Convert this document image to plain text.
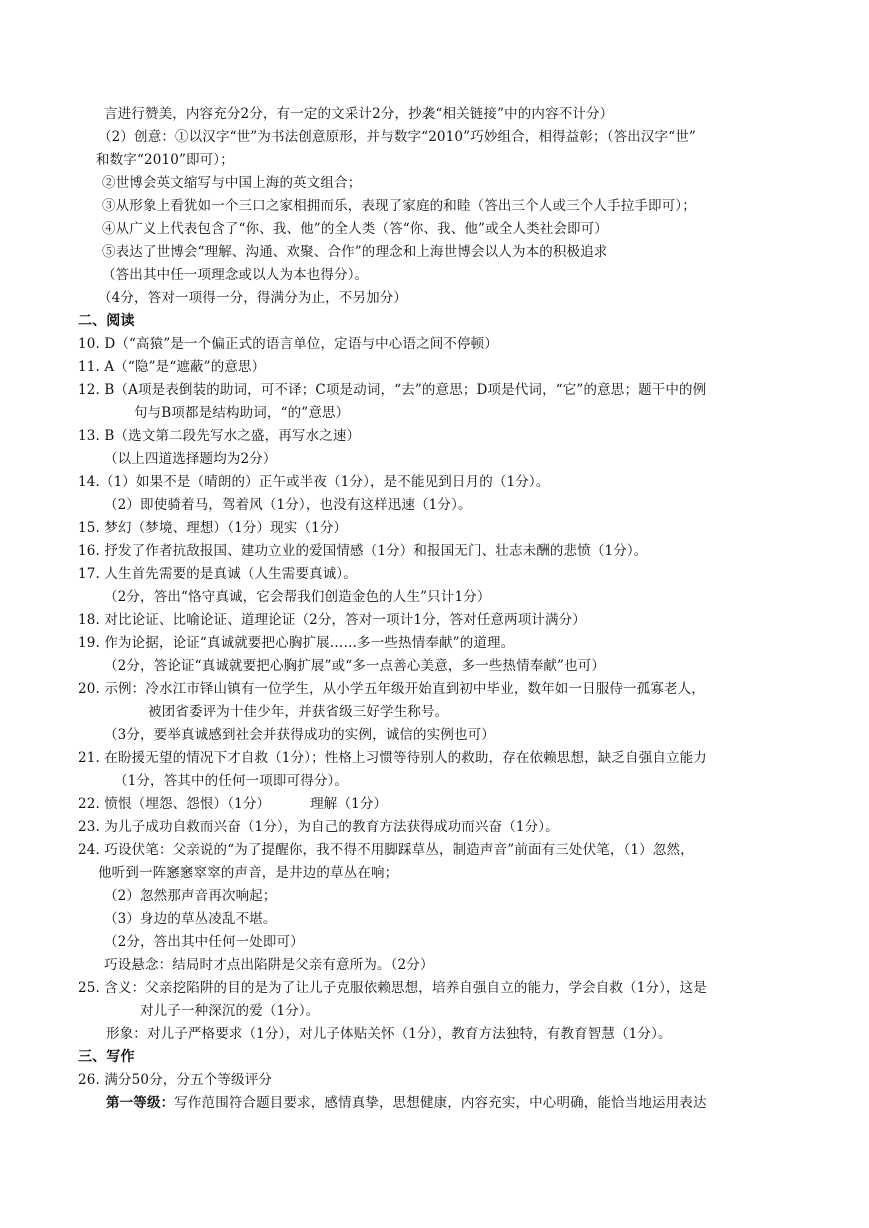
言进行赞美，内容充分2分，有一定的文采计2分，抄袭“相关链接”中的内容不计分）
（2）创意：①以汉字“世”为书法创意原形，并与数字“2010”巧妙组合，相得益彰；（答出汉字“世”
和数字“2010”即可）；
②世博会英文缩写与中国上海的英文组合；
③从形象上看犹如一个三口之家相拥而乐，表现了家庭的和睦（答出三个人或三个人手拉手即可）；
④从广义上代表包含了“你、我、他”的全人类（答“你、我、他”或全人类社会即可）
⑤表达了世博会“理解、沟通、欢聚、合作”的理念和上海世博会以人为本的积极追求
（答出其中任一项理念或以人为本也得分）。
（4分，答对一项得一分，得满分为止，不另加分）
二、阅读
10. D（“高猿”是一个偏正式的语言单位，定语与中心语之间不停顿）
11. A（“隐”是“遮蔽”的意思）
12. B（A项是表倒装的助词，可不译；C项是动词，“去”的意思；D项是代词，“它”的意思；题干中的例
句与B项都是结构助词，“的”意思）
13. B（选文第二段先写水之盛，再写水之速）
（以上四道选择题均为2分）
14.（1）如果不是（晴朗的）正午或半夜（1分），是不能见到日月的（1分）。
（2）即使骑着马，驾着风（1分），也没有这样迅速（1分）。
15. 梦幻（梦境、理想）（1分）现实（1分）
16. 抒发了作者抗敌报国、建功立业的爱国情感（1分）和报国无门、壮志未酬的悲愤（1分）。
17. 人生首先需要的是真诚（人生需要真诚）。
（2分，答出“恪守真诚，它会帮我们创造金色的人生”只计1分）
18. 对比论证、比喻论证、道理论证（2分，答对一项计1分，答对任意两项计满分）
19. 作为论据，论证“真诚就要把心胸扩展……多一些热情奉献”的道理。
（2分，答论证“真诚就要把心胸扩展”或“多一点善心美意，多一些热情奉献”也可）
20. 示例：冷水江市铎山镇有一位学生，从小学五年级开始直到初中毕业，数年如一日服侍一孤寡老人，
被团省委评为十佳少年，并获省级三好学生称号。
（3分，要举真诚感到社会并获得成功的实例，诚信的实例也可）
21. 在盼援无望的情况下才自救（1分）；性格上习惯等待别人的救助，存在依赖思想，缺乏自强自立能力
（1分，答其中的任何一项即可得分）。
22. 愤恨（埋怨、怨恨）（1分）	理解（1分）
23. 为儿子成功自救而兴奋（1分），为自己的教育方法获得成功而兴奋（1分）。
24. 巧设伏笔：父亲说的“为了提醒你，我不得不用脚踩草丛，制造声音”前面有三处伏笔，（1）忽然，
他听到一阵窸窸窣窣的声音，是井边的草丛在响；
（2）忽然那声音再次响起；
（3）身边的草丛凌乱不堪。
（2分，答出其中任何一处即可）
巧设悬念：结局时才点出陷阱是父亲有意所为。（2分）
25. 含义：父亲挖陷阱的目的是为了让儿子克服依赖思想，培养自强自立的能力，学会自救（1分），这是
对儿子一种深沉的爱（1分）。
形象：对儿子严格要求（1分），对儿子体贴关怀（1分），教育方法独特，有教育智慧（1分）。
三、写作
26. 满分50分，分五个等级评分
第一等级：写作范围符合题目要求，感情真挚，思想健康，内容充实，中心明确，能恰当地运用表达
